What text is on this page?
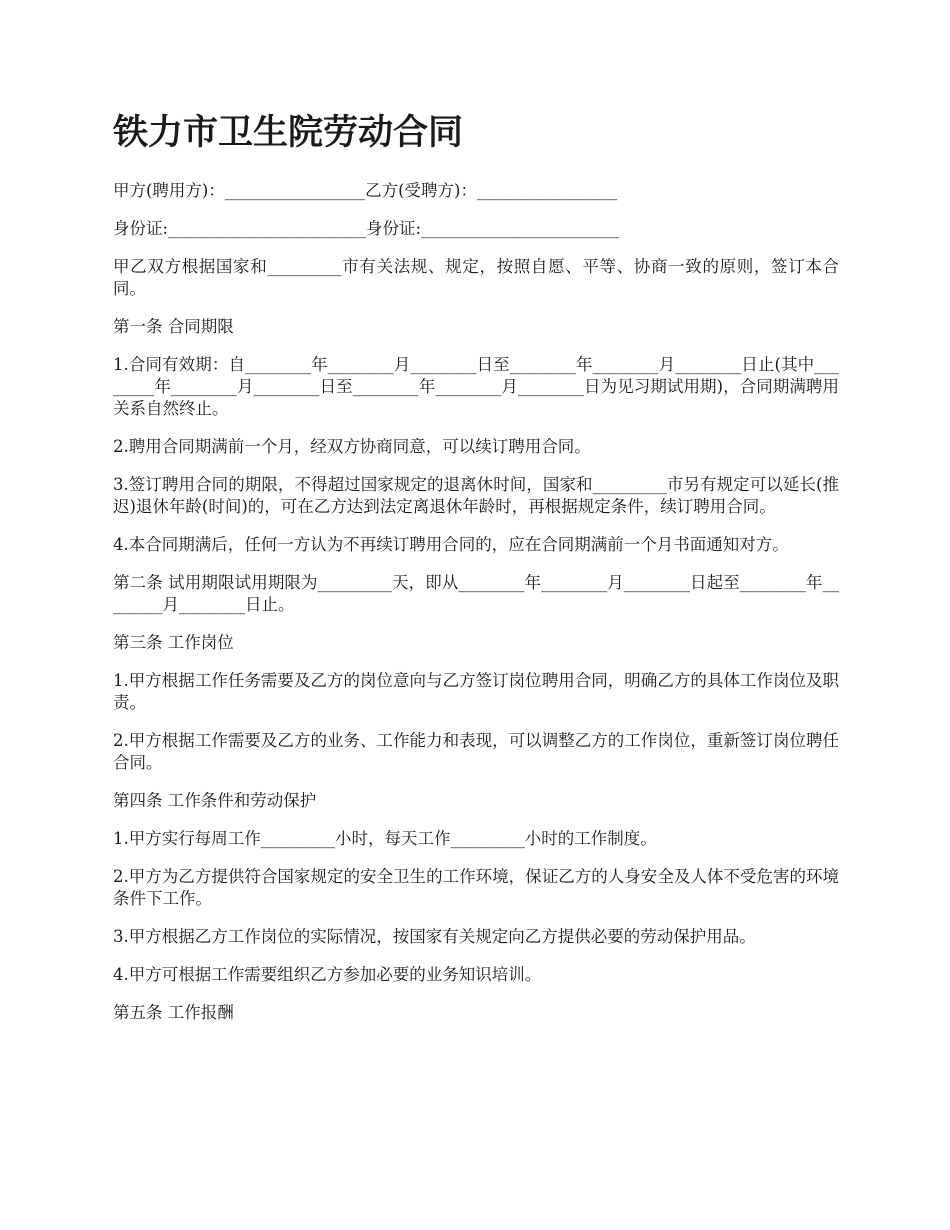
铁力市卫生院劳动合同

甲方(聘用方)：_________________乙方(受聘方)：_________________

身份证:________________________身份证:________________________

甲乙双方根据国家和_________市有关法规、规定，按照自愿、平等、协商一致的原则，签订本合同。

第一条 合同期限

1.合同有效期：自________年________月________日至________年________月________日止(其中________年________月________日至________年________月________日为见习期试用期)，合同期满聘用关系自然终止。

2.聘用合同期满前一个月，经双方协商同意，可以续订聘用合同。

3.签订聘用合同的期限，不得超过国家规定的退离休时间，国家和_________市另有规定可以延长(推迟)退休年龄(时间)的，可在乙方达到法定离退休年龄时，再根据规定条件，续订聘用合同。

4.本合同期满后，任何一方认为不再续订聘用合同的，应在合同期满前一个月书面通知对方。

第二条 试用期限试用期限为_________天，即从________年________月________日起至________年________月________日止。

第三条 工作岗位

1.甲方根据工作任务需要及乙方的岗位意向与乙方签订岗位聘用合同，明确乙方的具体工作岗位及职责。

2.甲方根据工作需要及乙方的业务、工作能力和表现，可以调整乙方的工作岗位，重新签订岗位聘任合同。

第四条 工作条件和劳动保护

1.甲方实行每周工作_________小时，每天工作_________小时的工作制度。

2.甲方为乙方提供符合国家规定的安全卫生的工作环境，保证乙方的人身安全及人体不受危害的环境条件下工作。

3.甲方根据乙方工作岗位的实际情况，按国家有关规定向乙方提供必要的劳动保护用品。

4.甲方可根据工作需要组织乙方参加必要的业务知识培训。

第五条 工作报酬
